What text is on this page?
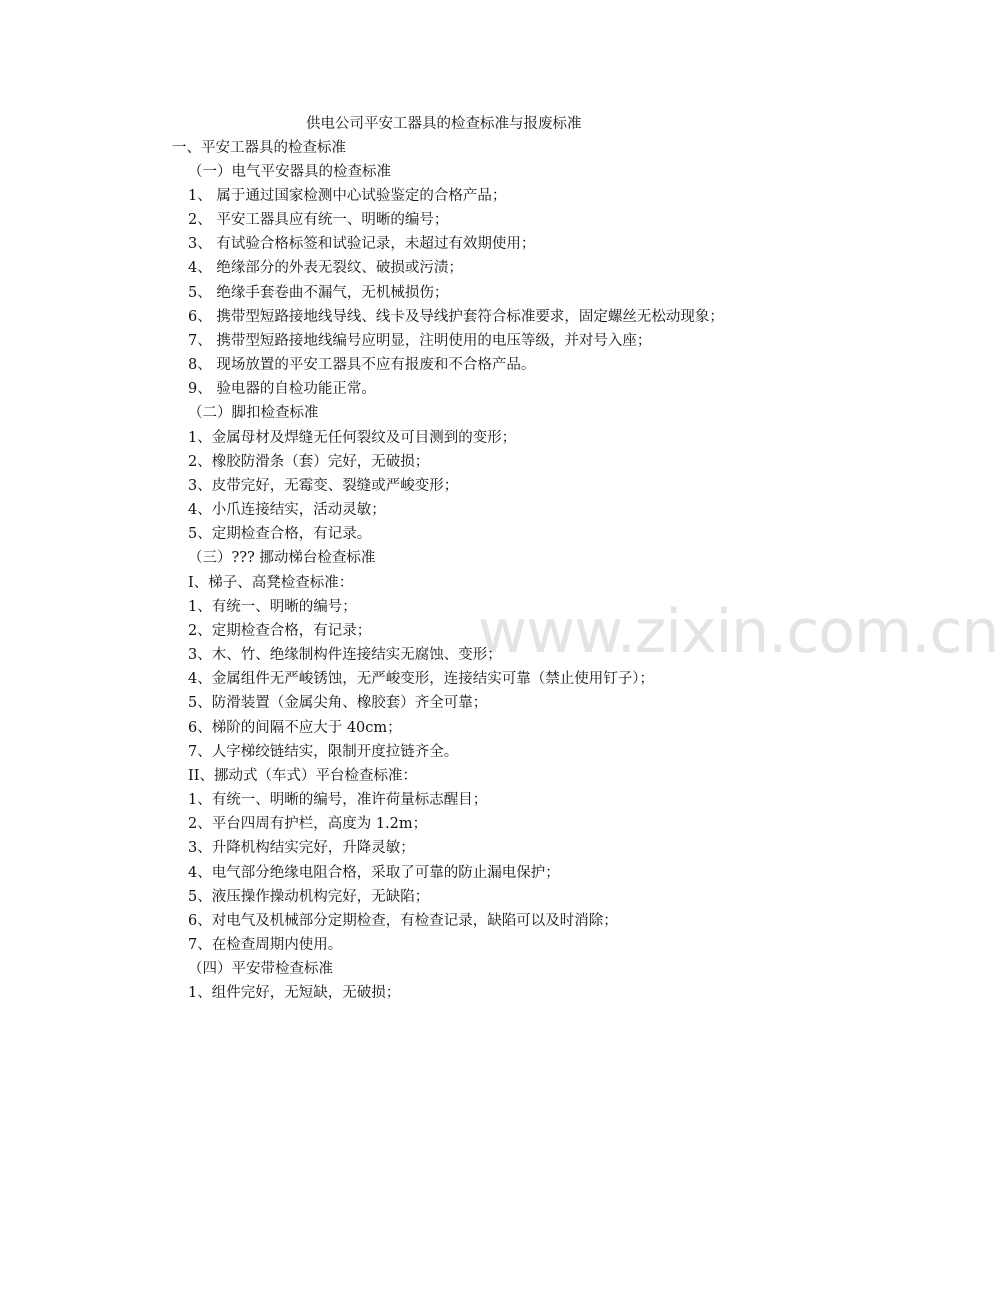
供电公司平安工器具的检查标准与报废标准
www.zixin.com.cn
一、平安工器具的检查标准
（一）电气平安器具的检查标准
1、 属于通过国家检测中心试验鉴定的合格产品；
2、 平安工器具应有统一、明晰的编号；
3、 有试验合格标签和试验记录，未超过有效期使用；
4、 绝缘部分的外表无裂纹、破损或污渍；
5、 绝缘手套卷曲不漏气，无机械损伤；
6、 携带型短路接地线导线、线卡及导线护套符合标准要求，固定螺丝无松动现象；
7、 携带型短路接地线编号应明显，注明使用的电压等级，并对号入座；
8、 现场放置的平安工器具不应有报废和不合格产品。
9、 验电器的自检功能正常。
（二）脚扣检查标准
1、金属母材及焊缝无任何裂纹及可目测到的变形；
2、橡胶防滑条（套）完好，无破损；
3、皮带完好，无霉变、裂缝或严峻变形；
4、小爪连接结实，活动灵敏；
5、定期检查合格，有记录。
（三）??? 挪动梯台检查标准
I、梯子、高凳检查标准：
1、有统一、明晰的编号；
2、定期检查合格，有记录；
3、木、竹、绝缘制构件连接结实无腐蚀、变形；
4、金属组件无严峻锈蚀，无严峻变形，连接结实可靠（禁止使用钉子）；
5、防滑装置（金属尖角、橡胶套）齐全可靠；
6、梯阶的间隔不应大于 40cm；
7、人字梯绞链结实，限制开度拉链齐全。
II、挪动式（车式）平台检查标准：
1、有统一、明晰的编号，准许荷量标志醒目；
2、平台四周有护栏，高度为 1.2m；
3、升降机构结实完好，升降灵敏；
4、电气部分绝缘电阻合格，采取了可靠的防止漏电保护；
5、液压操作操动机构完好，无缺陷；
6、对电气及机械部分定期检查，有检查记录，缺陷可以及时消除；
7、在检查周期内使用。
（四）平安带检查标准
1、组件完好，无短缺，无破损；
